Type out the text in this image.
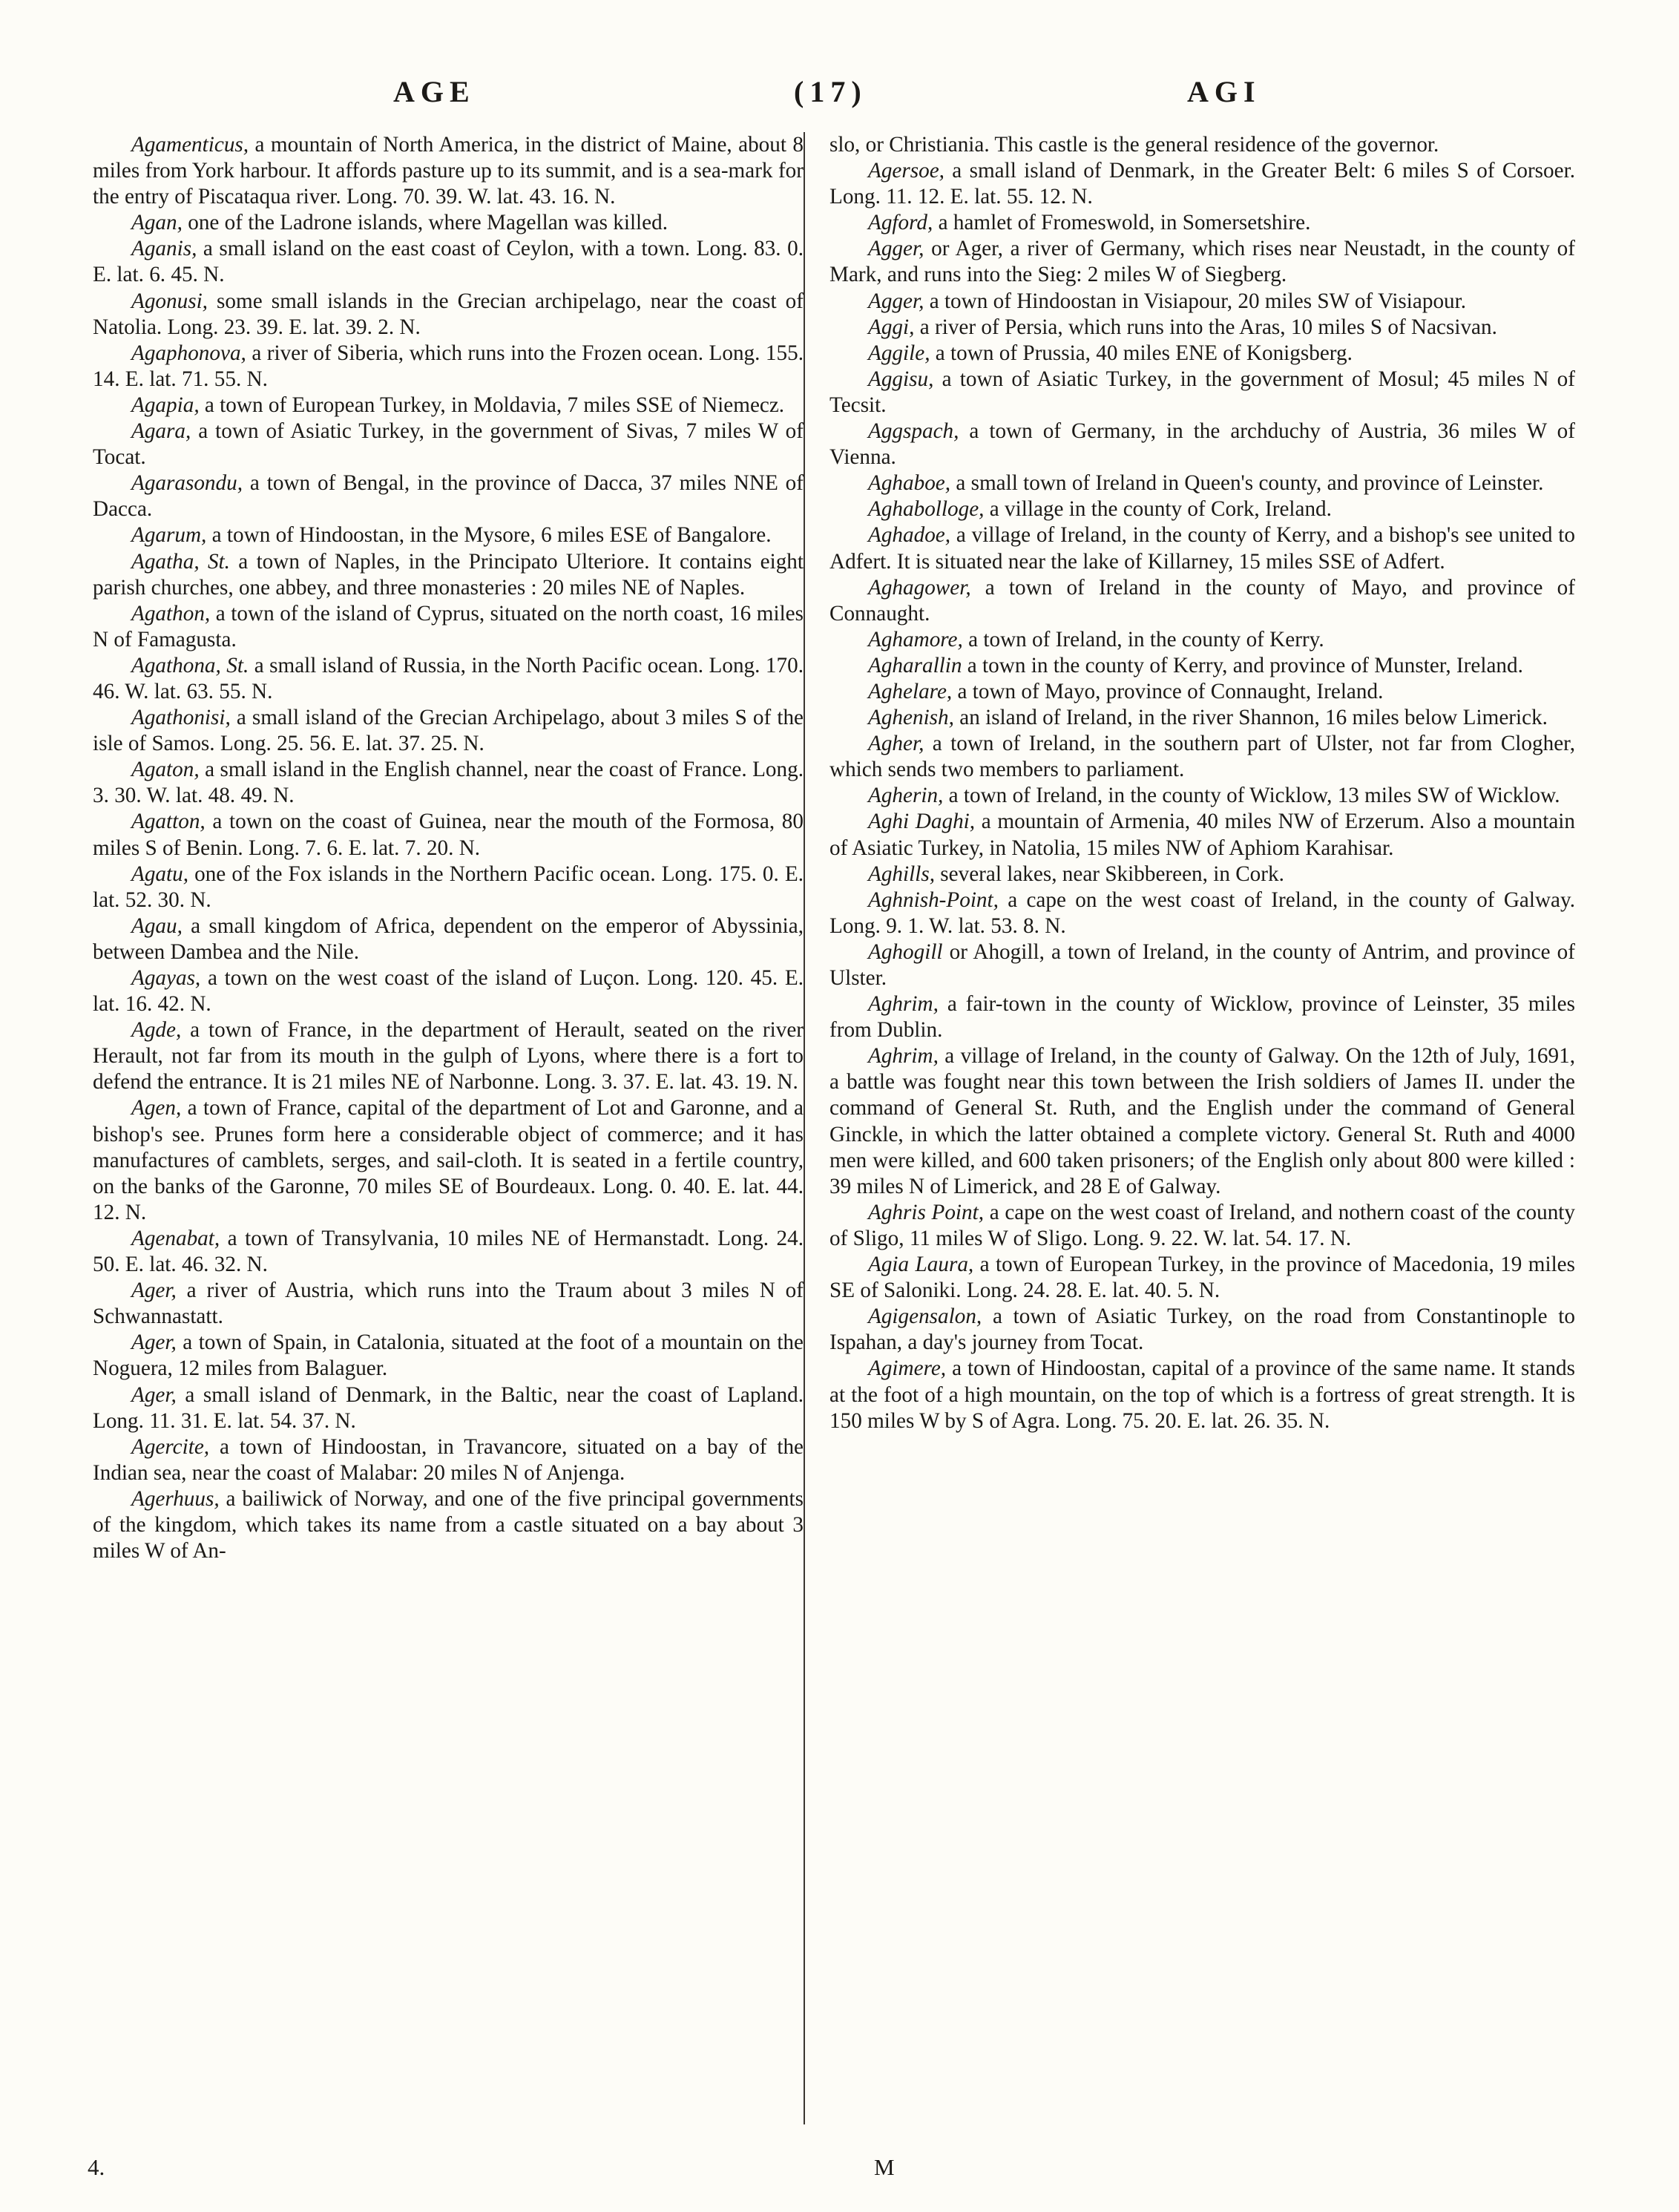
AGE	(17)	AGI

Agamenticus, a mountain of North America, in the district of Maine, about 8 miles from York harbour. It affords pasture up to its summit, and is a sea-mark for the entry of Piscataqua river. Long. 70. 39. W. lat. 43. 16. N.

Agan, one of the Ladrone islands, where Magellan was killed.

Aganis, a small island on the east coast of Ceylon, with a town. Long. 83. 0. E. lat. 6. 45. N.

Agonusi, some small islands in the Grecian archipelago, near the coast of Natolia. Long. 23. 39. E. lat. 39. 2. N.

Agaphonova, a river of Siberia, which runs into the Frozen ocean. Long. 155. 14. E. lat. 71. 55. N.

Agapia, a town of European Turkey, in Moldavia, 7 miles SSE of Niemecz.

Agara, a town of Asiatic Turkey, in the government of Sivas, 7 miles W of Tocat.

Agarasondu, a town of Bengal, in the province of Dacca, 37 miles NNE of Dacca.

Agarum, a town of Hindoostan, in the Mysore, 6 miles ESE of Bangalore.

Agatha, St. a town of Naples, in the Principato Ulteriore. It contains eight parish churches, one abbey, and three monasteries : 20 miles NE of Naples.

Agathon, a town of the island of Cyprus, situated on the north coast, 16 miles N of Famagusta.

Agathona, St. a small island of Russia, in the North Pacific ocean. Long. 170. 46. W. lat. 63. 55. N.

Agathonisi, a small island of the Grecian Archipelago, about 3 miles S of the isle of Samos. Long. 25. 56. E. lat. 37. 25. N.

Agaton, a small island in the English channel, near the coast of France. Long. 3. 30. W. lat. 48. 49. N.

Agatton, a town on the coast of Guinea, near the mouth of the Formosa, 80 miles S of Benin. Long. 7. 6. E. lat. 7. 20. N.

Agatu, one of the Fox islands in the Northern Pacific ocean. Long. 175. 0. E. lat. 52. 30. N.

Agau, a small kingdom of Africa, dependent on the emperor of Abyssinia, between Dambea and the Nile.

Agayas, a town on the west coast of the island of Luçon. Long. 120. 45. E. lat. 16. 42. N.

Agde, a town of France, in the department of Herault, seated on the river Herault, not far from its mouth in the gulph of Lyons, where there is a fort to defend the entrance. It is 21 miles NE of Narbonne. Long. 3. 37. E. lat. 43. 19. N.

Agen, a town of France, capital of the department of Lot and Garonne, and a bishop's see. Prunes form here a considerable object of commerce; and it has manufactures of camblets, serges, and sail-cloth. It is seated in a fertile country, on the banks of the Garonne, 70 miles SE of Bourdeaux. Long. 0. 40. E. lat. 44. 12. N.

Agenabat, a town of Transylvania, 10 miles NE of Hermanstadt. Long. 24. 50. E. lat. 46. 32. N.

Ager, a river of Austria, which runs into the Traum about 3 miles N of Schwannastatt.

Ager, a town of Spain, in Catalonia, situated at the foot of a mountain on the Noguera, 12 miles from Balaguer.

Ager, a small island of Denmark, in the Baltic, near the coast of Lapland. Long. 11. 31. E. lat. 54. 37. N.

Agercite, a town of Hindoostan, in Travancore, situated on a bay of the Indian sea, near the coast of Malabar: 20 miles N of Anjenga.

Agerhuus, a bailiwick of Norway, and one of the five principal governments of the kingdom, which takes its name from a castle situated on a bay about 3 miles W of An-

slo, or Christiania. This castle is the general residence of the governor.

Agersoe, a small island of Denmark, in the Greater Belt: 6 miles S of Corsoer. Long. 11. 12. E. lat. 55. 12. N.

Agford, a hamlet of Fromeswold, in Somersetshire.

Agger, or Ager, a river of Germany, which rises near Neustadt, in the county of Mark, and runs into the Sieg: 2 miles W of Siegberg.

Agger, a town of Hindoostan in Visiapour, 20 miles SW of Visiapour.

Aggi, a river of Persia, which runs into the Aras, 10 miles S of Nacsivan.

Aggile, a town of Prussia, 40 miles ENE of Konigsberg.

Aggisu, a town of Asiatic Turkey, in the government of Mosul; 45 miles N of Tecsit.

Aggspach, a town of Germany, in the archduchy of Austria, 36 miles W of Vienna.

Aghaboe, a small town of Ireland in Queen's county, and province of Leinster.

Aghabolloge, a village in the county of Cork, Ireland.

Aghadoe, a village of Ireland, in the county of Kerry, and a bishop's see united to Adfert. It is situated near the lake of Killarney, 15 miles SSE of Adfert.

Aghagower, a town of Ireland in the county of Mayo, and province of Connaught.

Aghamore, a town of Ireland, in the county of Kerry.

Agharallin a town in the county of Kerry, and province of Munster, Ireland.

Aghelare, a town of Mayo, province of Connaught, Ireland.

Aghenish, an island of Ireland, in the river Shannon, 16 miles below Limerick.

Agher, a town of Ireland, in the southern part of Ulster, not far from Clogher, which sends two members to parliament.

Agherin, a town of Ireland, in the county of Wicklow, 13 miles SW of Wicklow.

Aghi Daghi, a mountain of Armenia, 40 miles NW of Erzerum. Also a mountain of Asiatic Turkey, in Natolia, 15 miles NW of Aphiom Karahisar.

Aghills, several lakes, near Skibbereen, in Cork.

Aghnish-Point, a cape on the west coast of Ireland, in the county of Galway. Long. 9. 1. W. lat. 53. 8. N.

Aghogill or Ahogill, a town of Ireland, in the county of Antrim, and province of Ulster.

Aghrim, a fair-town in the county of Wicklow, province of Leinster, 35 miles from Dublin.

Aghrim, a village of Ireland, in the county of Galway. On the 12th of July, 1691, a battle was fought near this town between the Irish soldiers of James II. under the command of General St. Ruth, and the English under the command of General Ginckle, in which the latter obtained a complete victory. General St. Ruth and 4000 men were killed, and 600 taken prisoners; of the English only about 800 were killed : 39 miles N of Limerick, and 28 E of Galway.

Aghris Point, a cape on the west coast of Ireland, and nothern coast of the county of Sligo, 11 miles W of Sligo. Long. 9. 22. W. lat. 54. 17. N.

Agia Laura, a town of European Turkey, in the province of Macedonia, 19 miles SE of Saloniki. Long. 24. 28. E. lat. 40. 5. N.

Agigensalon, a town of Asiatic Turkey, on the road from Constantinople to Ispahan, a day's journey from Tocat.

Agimere, a town of Hindoostan, capital of a province of the same name. It stands at the foot of a high mountain, on the top of which is a fortress of great strength. It is 150 miles W by S of Agra. Long. 75. 20. E. lat. 26. 35. N.

4.	M
